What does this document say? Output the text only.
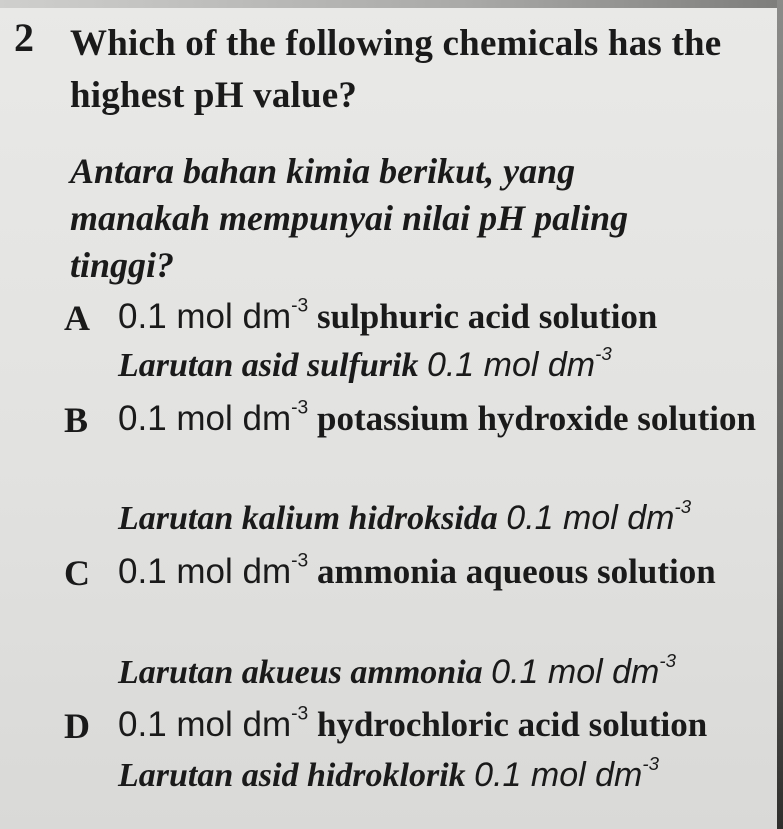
2 Which of the following chemicals has the highest pH value?
Antara bahan kimia berikut, yang manakah mempunyai nilai pH paling tinggi?
A 0.1 mol $dm^{-3}$ sulphuric acid solution
Larutan asid sulfurik 0.1 mol $dm^{-3}$
B 0.1 mol $dm^{-3}$ potassium hydroxide solution
Larutan kalium hidroksida 0.1 mol $dm^{-3}$
C 0.1 mol $dm^{-3}$ ammonia aqueous solution
Larutan akueus ammonia 0.1 mol $dm^{-3}$
D 0.1 mol $dm^{-3}$ hydrochloric acid solution
Larutan asid hidroklorik 0.1 mol $dm^{-3}$
